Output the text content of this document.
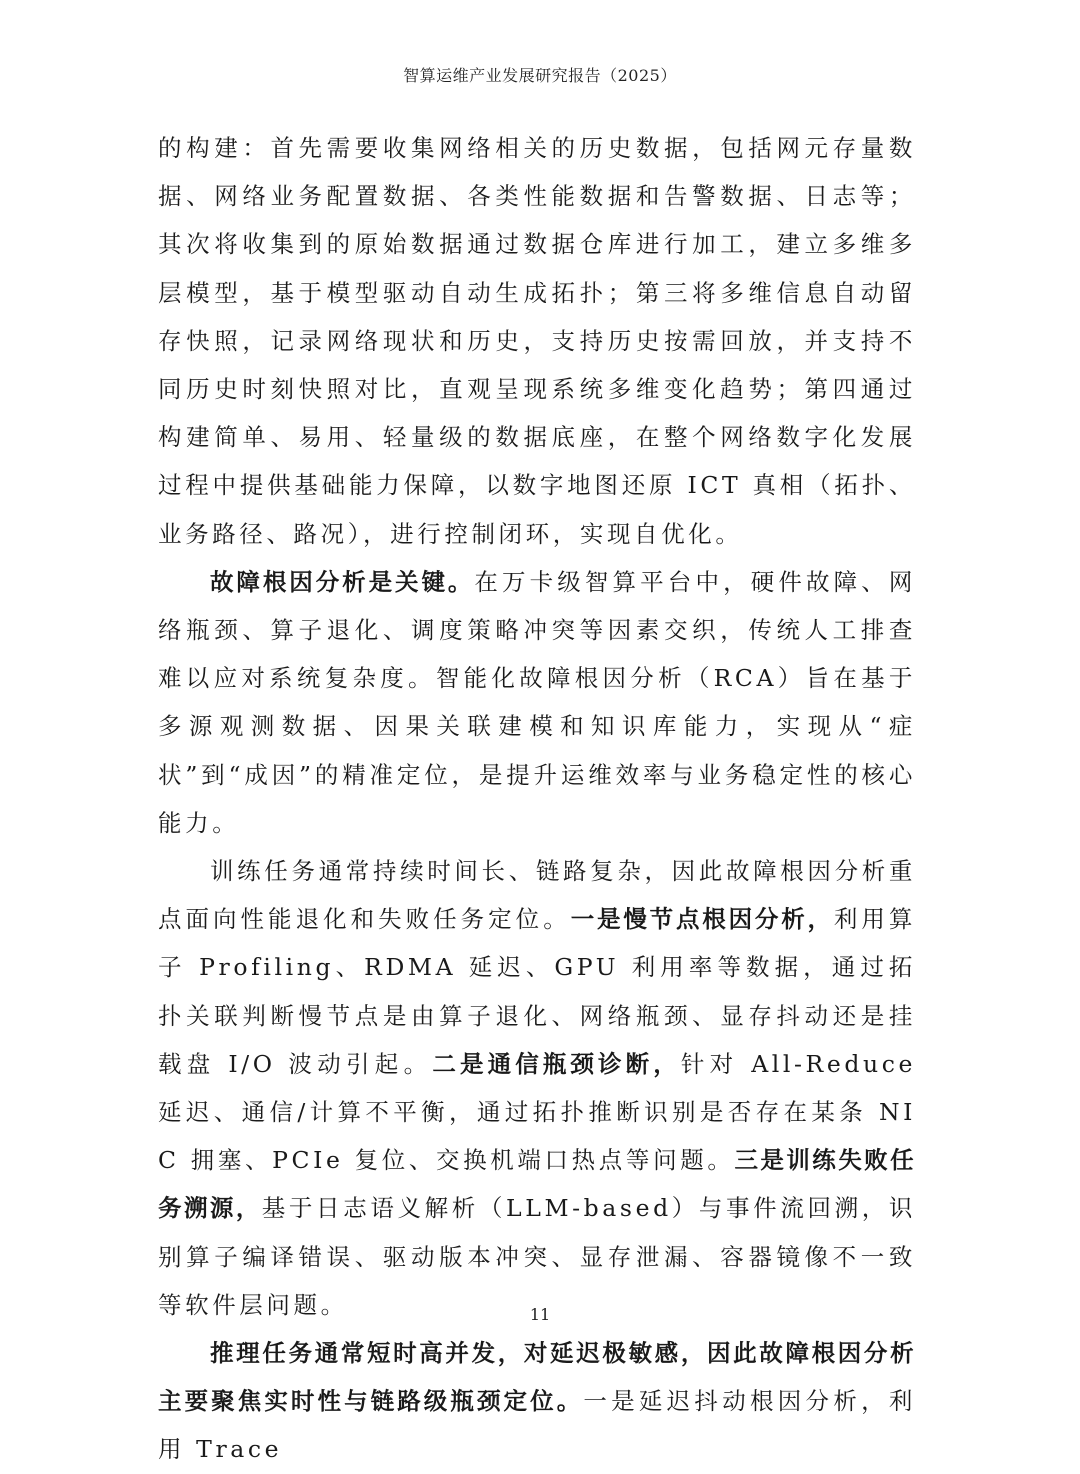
智算运维产业发展研究报告（2025）

的构建：首先需要收集网络相关的历史数据，包括网元存量数据、网络业务配置数据、各类性能数据和告警数据、日志等；其次将收集到的原始数据通过数据仓库进行加工，建立多维多层模型，基于模型驱动自动生成拓扑；第三将多维信息自动留存快照，记录网络现状和历史，支持历史按需回放，并支持不同历史时刻快照对比，直观呈现系统多维变化趋势；第四通过构建简单、易用、轻量级的数据底座，在整个网络数字化发展过程中提供基础能力保障，以数字地图还原 ICT 真相（拓扑、业务路径、路况），进行控制闭环，实现自优化。

故障根因分析是关键。在万卡级智算平台中，硬件故障、网络瓶颈、算子退化、调度策略冲突等因素交织，传统人工排查难以应对系统复杂度。智能化故障根因分析（RCA）旨在基于多源观测数据、因果关联建模和知识库能力，实现从“症状”到“成因”的精准定位，是提升运维效率与业务稳定性的核心能力。

训练任务通常持续时间长、链路复杂，因此故障根因分析重点面向性能退化和失败任务定位。一是慢节点根因分析，利用算子 Profiling、RDMA 延迟、GPU 利用率等数据，通过拓扑关联判断慢节点是由算子退化、网络瓶颈、显存抖动还是挂载盘 I/O 波动引起。二是通信瓶颈诊断，针对 All-Reduce 延迟、通信/计算不平衡，通过拓扑推断识别是否存在某条 NIC 拥塞、PCIe 复位、交换机端口热点等问题。三是训练失败任务溯源，基于日志语义解析（LLM-based）与事件流回溯，识别算子编译错误、驱动版本冲突、显存泄漏、容器镜像不一致等软件层问题。

推理任务通常短时高并发，对延迟极敏感，因此故障根因分析主要聚焦实时性与链路级瓶颈定位。一是延迟抖动根因分析，利用 Trace

11
